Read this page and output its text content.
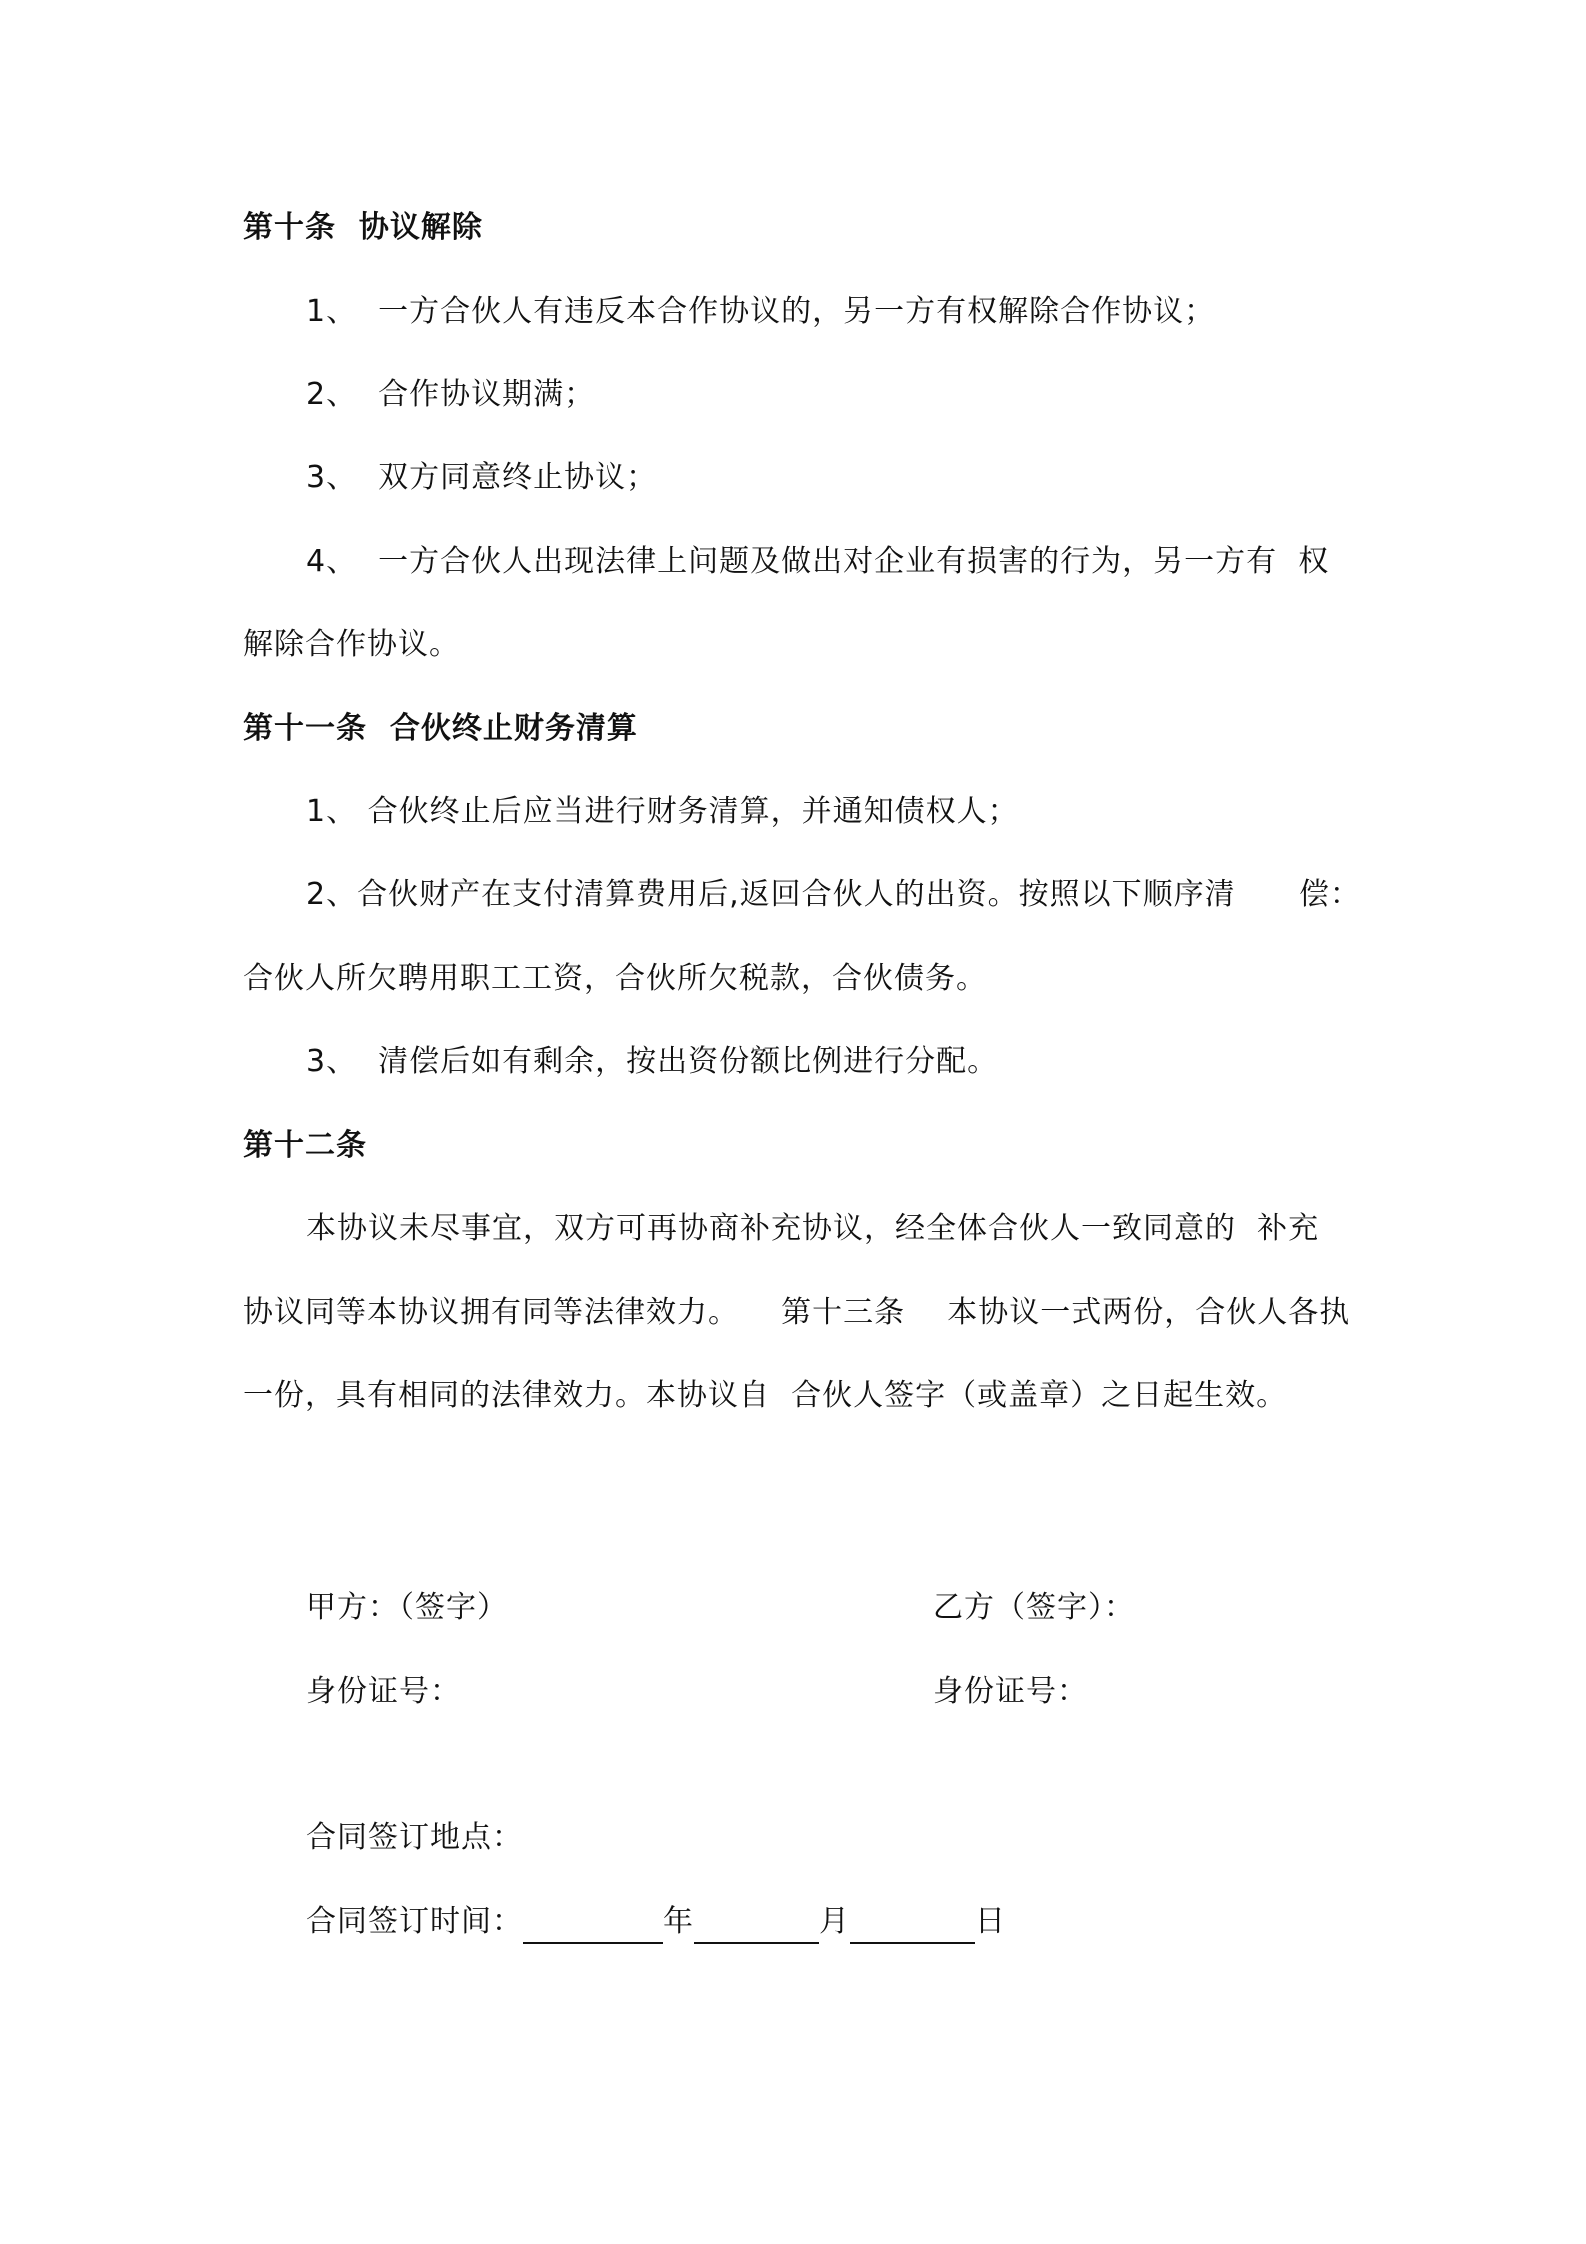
第十条  协议解除
1、  一方合伙人有违反本合作协议的，另一方有权解除合作协议；
2、  合作协议期满；
3、  双方同意终止协议；
4、  一方合伙人出现法律上问题及做出对企业有损害的行为，另一方有  权
解除合作协议。
第十一条  合伙终止财务清算
1、 合伙终止后应当进行财务清算，并通知债权人；
2、合伙财产在支付清算费用后,返回合伙人的出资。按照以下顺序清      偿：
合伙人所欠聘用职工工资，合伙所欠税款，合伙债务。
3、  清偿后如有剩余，按出资份额比例进行分配。
第十二条
本协议未尽事宜，双方可再协商补充协议，经全体合伙人一致同意的  补充
协议同等本协议拥有同等法律效力。    第十三条    本协议一式两份，合伙人各执
一份，具有相同的法律效力。本协议自  合伙人签字（或盖章）之日起生效。
甲方：（签字）	乙方（签字）：
身份证号：	身份证号：
合同签订地点：
合同签订时间：	年	月	日
